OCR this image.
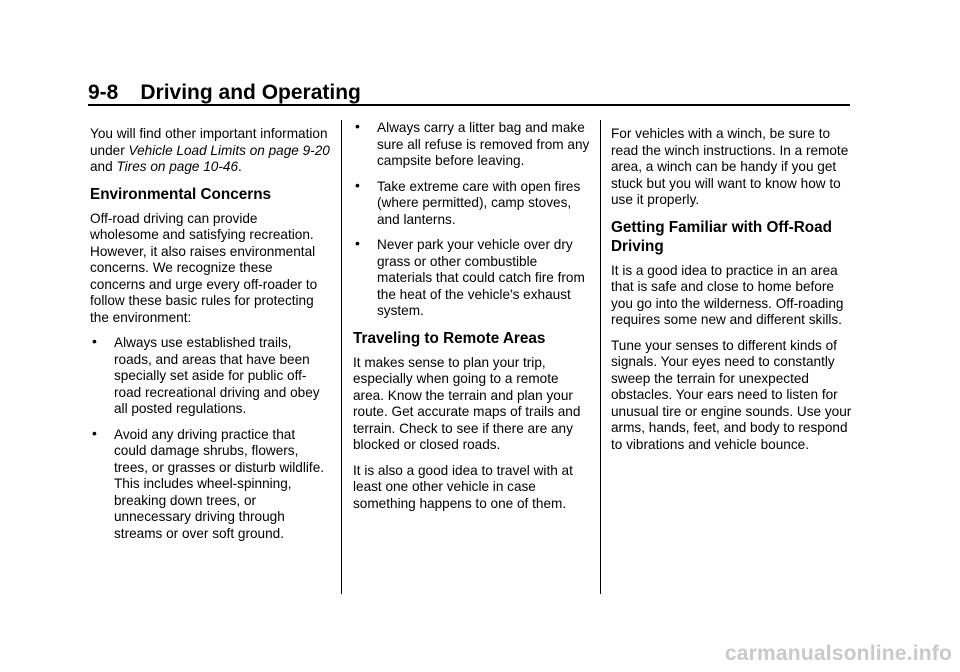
9-8 Driving and Operating

You will find other important information under Vehicle Load Limits on page 9-20 and Tires on page 10-46.

Environmental Concerns

Off-road driving can provide wholesome and satisfying recreation. However, it also raises environmental concerns. We recognize these concerns and urge every off-roader to follow these basic rules for protecting the environment:

• Always use established trails, roads, and areas that have been specially set aside for public off-road recreational driving and obey all posted regulations.
• Avoid any driving practice that could damage shrubs, flowers, trees, or grasses or disturb wildlife. This includes wheel-spinning, breaking down trees, or unnecessary driving through streams or over soft ground.
• Always carry a litter bag and make sure all refuse is removed from any campsite before leaving.
• Take extreme care with open fires (where permitted), camp stoves, and lanterns.
• Never park your vehicle over dry grass or other combustible materials that could catch fire from the heat of the vehicle's exhaust system.
Traveling to Remote Areas

It makes sense to plan your trip, especially when going to a remote area. Know the terrain and plan your route. Get accurate maps of trails and terrain. Check to see if there are any blocked or closed roads.

It is also a good idea to travel with at least one other vehicle in case something happens to one of them.

For vehicles with a winch, be sure to read the winch instructions. In a remote area, a winch can be handy if you get stuck but you will want to know how to use it properly.

Getting Familiar with Off-Road Driving

It is a good idea to practice in an area that is safe and close to home before you go into the wilderness. Off-roading requires some new and different skills.

Tune your senses to different kinds of signals. Your eyes need to constantly sweep the terrain for unexpected obstacles. Your ears need to listen for unusual tire or engine sounds. Use your arms, hands, feet, and body to respond to vibrations and vehicle bounce.

carmanualsonline.info
